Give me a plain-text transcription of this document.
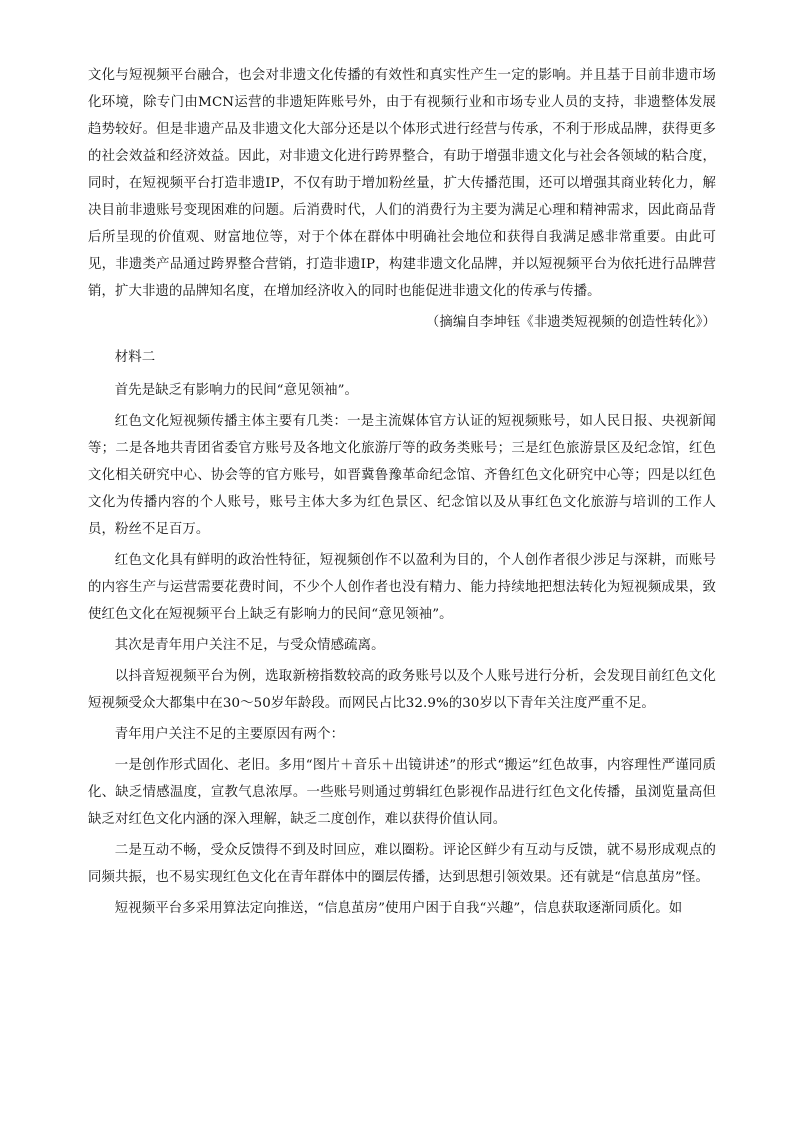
文化与短视频平台融合，也会对非遗文化传播的有效性和真实性产生一定的影响。并且基于目前非遗市场化环境，除专门由MCN运营的非遗矩阵账号外，由于有视频行业和市场专业人员的支持，非遗整体发展趋势较好。但是非遗产品及非遗文化大部分还是以个体形式进行经营与传承，不利于形成品牌，获得更多的社会效益和经济效益。因此，对非遗文化进行跨界整合，有助于增强非遗文化与社会各领域的粘合度，同时，在短视频平台打造非遗IP，不仅有助于增加粉丝量，扩大传播范围，还可以增强其商业转化力，解决目前非遗账号变现困难的问题。后消费时代，人们的消费行为主要为满足心理和精神需求，因此商品背后所呈现的价值观、财富地位等，对于个体在群体中明确社会地位和获得自我满足感非常重要。由此可见，非遗类产品通过跨界整合营销，打造非遗IP，构建非遗文化品牌，并以短视频平台为依托进行品牌营销，扩大非遗的品牌知名度，在增加经济收入的同时也能促进非遗文化的传承与传播。

（摘编自李坤钰《非遗类短视频的创造性转化》）

材料二

首先是缺乏有影响力的民间“意见领袖”。

红色文化短视频传播主体主要有几类：一是主流媒体官方认证的短视频账号，如人民日报、央视新闻等；二是各地共青团省委官方账号及各地文化旅游厅等的政务类账号；三是红色旅游景区及纪念馆，红色文化相关研究中心、协会等的官方账号，如晋冀鲁豫革命纪念馆、齐鲁红色文化研究中心等；四是以红色文化为传播内容的个人账号，账号主体大多为红色景区、纪念馆以及从事红色文化旅游与培训的工作人员，粉丝不足百万。

红色文化具有鲜明的政治性特征，短视频创作不以盈利为目的，个人创作者很少涉足与深耕，而账号的内容生产与运营需要花费时间，不少个人创作者也没有精力、能力持续地把想法转化为短视频成果，致使红色文化在短视频平台上缺乏有影响力的民间“意见领袖”。

其次是青年用户关注不足，与受众情感疏离。

以抖音短视频平台为例，选取新榜指数较高的政务账号以及个人账号进行分析，会发现目前红色文化短视频受众大都集中在30～50岁年龄段。而网民占比32.9%的30岁以下青年关注度严重不足。

青年用户关注不足的主要原因有两个：

一是创作形式固化、老旧。多用“图片＋音乐＋出镜讲述”的形式“搬运”红色故事，内容理性严谨同质化、缺乏情感温度，宣教气息浓厚。一些账号则通过剪辑红色影视作品进行红色文化传播，虽浏览量高但缺乏对红色文化内涵的深入理解，缺乏二度创作，难以获得价值认同。

二是互动不畅，受众反馈得不到及时回应，难以圈粉。评论区鲜少有互动与反馈，就不易形成观点的同频共振，也不易实现红色文化在青年群体中的圈层传播，达到思想引领效果。还有就是“信息茧房”怪。

短视频平台多采用算法定向推送，“信息茧房”使用户困于自我“兴趣”，信息获取逐渐同质化。如
